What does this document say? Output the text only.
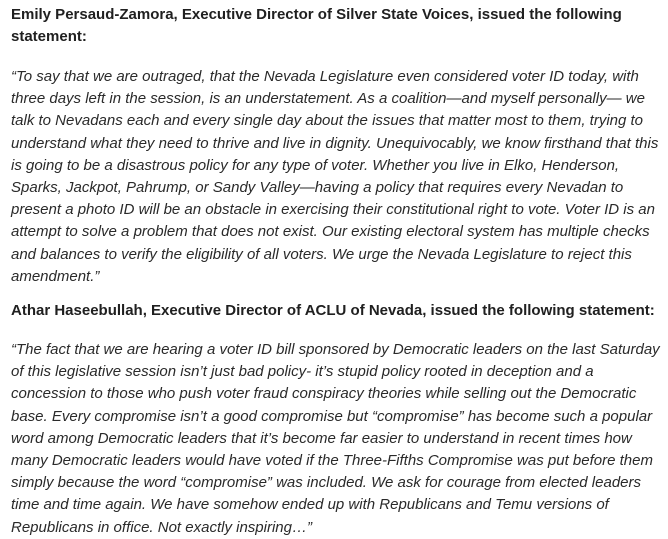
Emily Persaud-Zamora, Executive Director of Silver State Voices, issued the following statement:

“To say that we are outraged, that the Nevada Legislature even considered voter ID today, with three days left in the session, is an understatement. As a coalition—and myself personally— we talk to Nevadans each and every single day about the issues that matter most to them, trying to understand what they need to thrive and live in dignity. Unequivocably, we know firsthand that this is going to be a disastrous policy for any type of voter. Whether you live in Elko, Henderson, Sparks, Jackpot, Pahrump, or Sandy Valley—having a policy that requires every Nevadan to present a photo ID will be an obstacle in exercising their constitutional right to vote. Voter ID is an attempt to solve a problem that does not exist. Our existing electoral system has multiple checks and balances to verify the eligibility of all voters. We urge the Nevada Legislature to reject this amendment.”

Athar Haseebullah, Executive Director of ACLU of Nevada, issued the following statement:

“The fact that we are hearing a voter ID bill sponsored by Democratic leaders on the last Saturday of this legislative session isn’t just bad policy- it’s stupid policy rooted in deception and a concession to those who push voter fraud conspiracy theories while selling out the Democratic base. Every compromise isn’t a good compromise but “compromise” has become such a popular word among Democratic leaders that it’s become far easier to understand in recent times how many Democratic leaders would have voted if the Three-Fifths Compromise was put before them simply because the word “compromise” was included. We ask for courage from elected leaders time and time again. We have somehow ended up with Republicans and Temu versions of Republicans in office. Not exactly inspiring…”
